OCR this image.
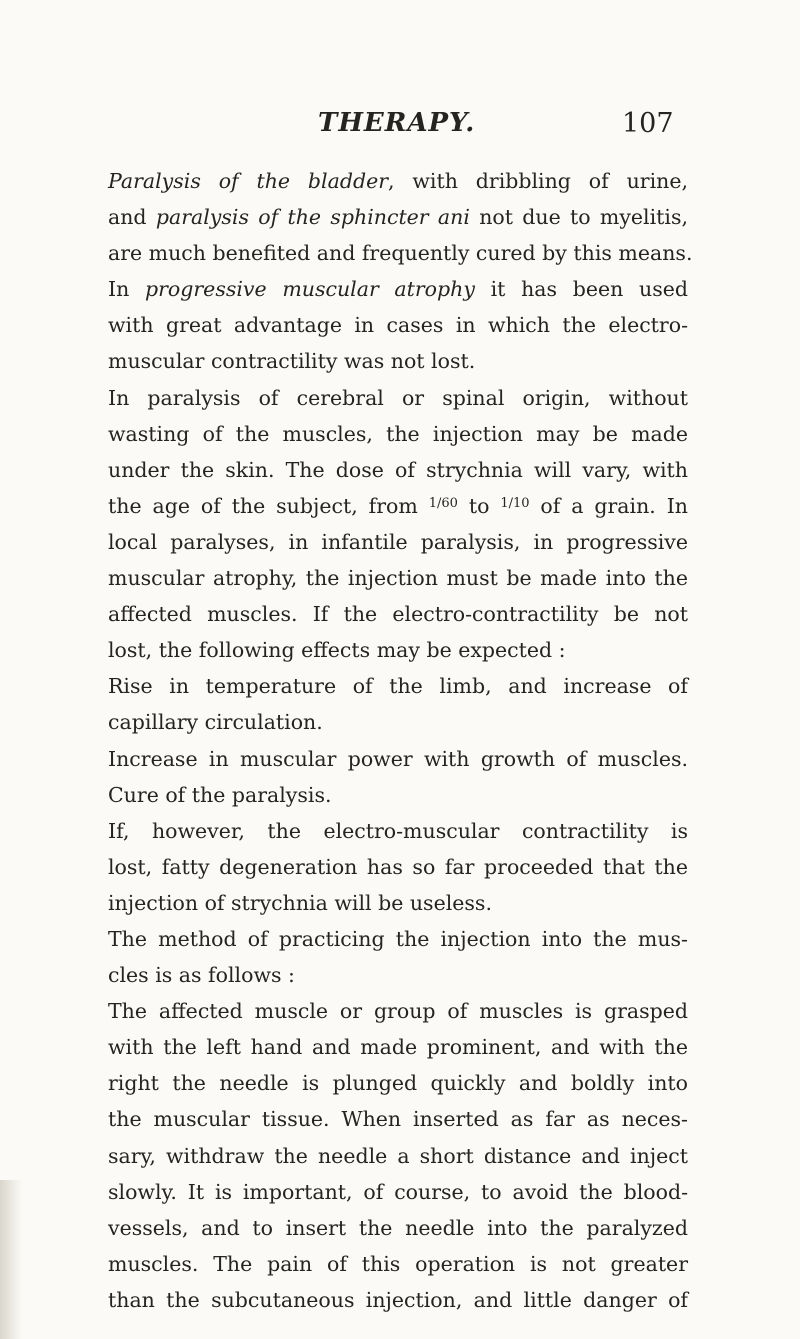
THERAPY.	107
Paralysis of the bladder, with dribbling of urine,
and paralysis of the sphincter ani not due to myelitis,
are much benefited and frequently cured by this means.
In progressive muscular atrophy it has been used
with great advantage in cases in which the electro-
muscular contractility was not lost.
In paralysis of cerebral or spinal origin, without
wasting of the muscles, the injection may be made
under the skin. The dose of strychnia will vary, with
the age of the subject, from 1/60 to 1/10 of a grain. In
local paralyses, in infantile paralysis, in progressive
muscular atrophy, the injection must be made into the
affected muscles. If the electro-contractility be not
lost, the following effects may be expected :
Rise in temperature of the limb, and increase of
capillary circulation.
Increase in muscular power with growth of muscles.
Cure of the paralysis.
If, however, the electro-muscular contractility is
lost, fatty degeneration has so far proceeded that the
injection of strychnia will be useless.
The method of practicing the injection into the mus-
cles is as follows :
The affected muscle or group of muscles is grasped
with the left hand and made prominent, and with the
right the needle is plunged quickly and boldly into
the muscular tissue. When inserted as far as neces-
sary, withdraw the needle a short distance and inject
slowly. It is important, of course, to avoid the blood-
vessels, and to insert the needle into the paralyzed
muscles. The pain of this operation is not greater
than the subcutaneous injection, and little danger of
